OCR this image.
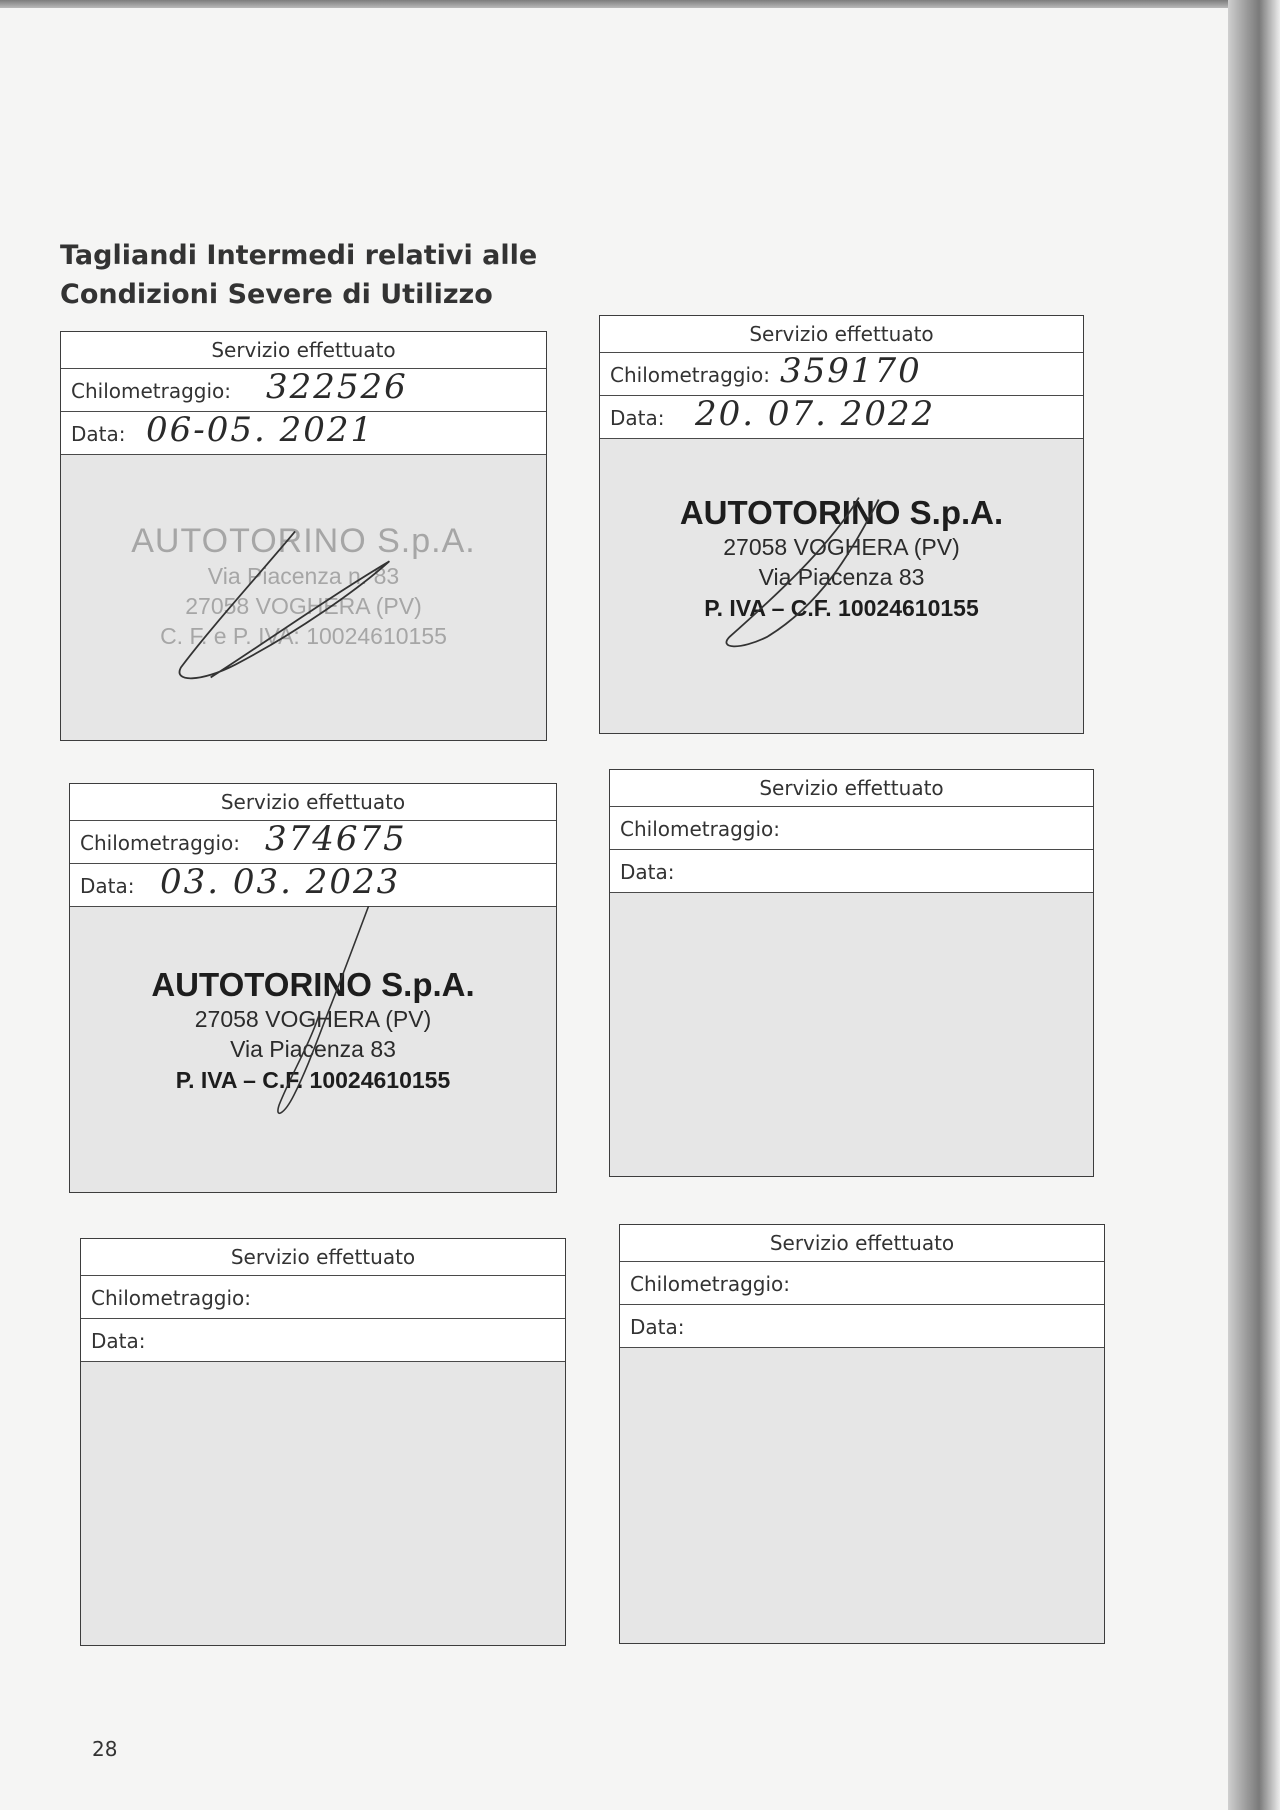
Tagliandi Intermedi relativi alle
Condizioni Severe di Utilizzo
Servizio effettuato
Chilometraggio: 322526
Data: 06-05. 2021
AUTOTORINO S.p.A.
Via Piacenza n. 83
27058 VOGHERA (PV)
C. F. e P. IVA: 10024610155
Servizio effettuato
Chilometraggio: 359170
Data: 20. 07. 2022
AUTOTORINO S.p.A.
27058 VOGHERA (PV)
Via Piacenza 83
P. IVA – C.F. 10024610155
Servizio effettuato
Chilometraggio: 374675
Data: 03. 03. 2023
AUTOTORINO S.p.A.
27058 VOGHERA (PV)
Via Piacenza 83
P. IVA – C.F. 10024610155
Servizio effettuato
Chilometraggio:
Data:
Servizio effettuato
Chilometraggio:
Data:
Servizio effettuato
Chilometraggio:
Data:
28
